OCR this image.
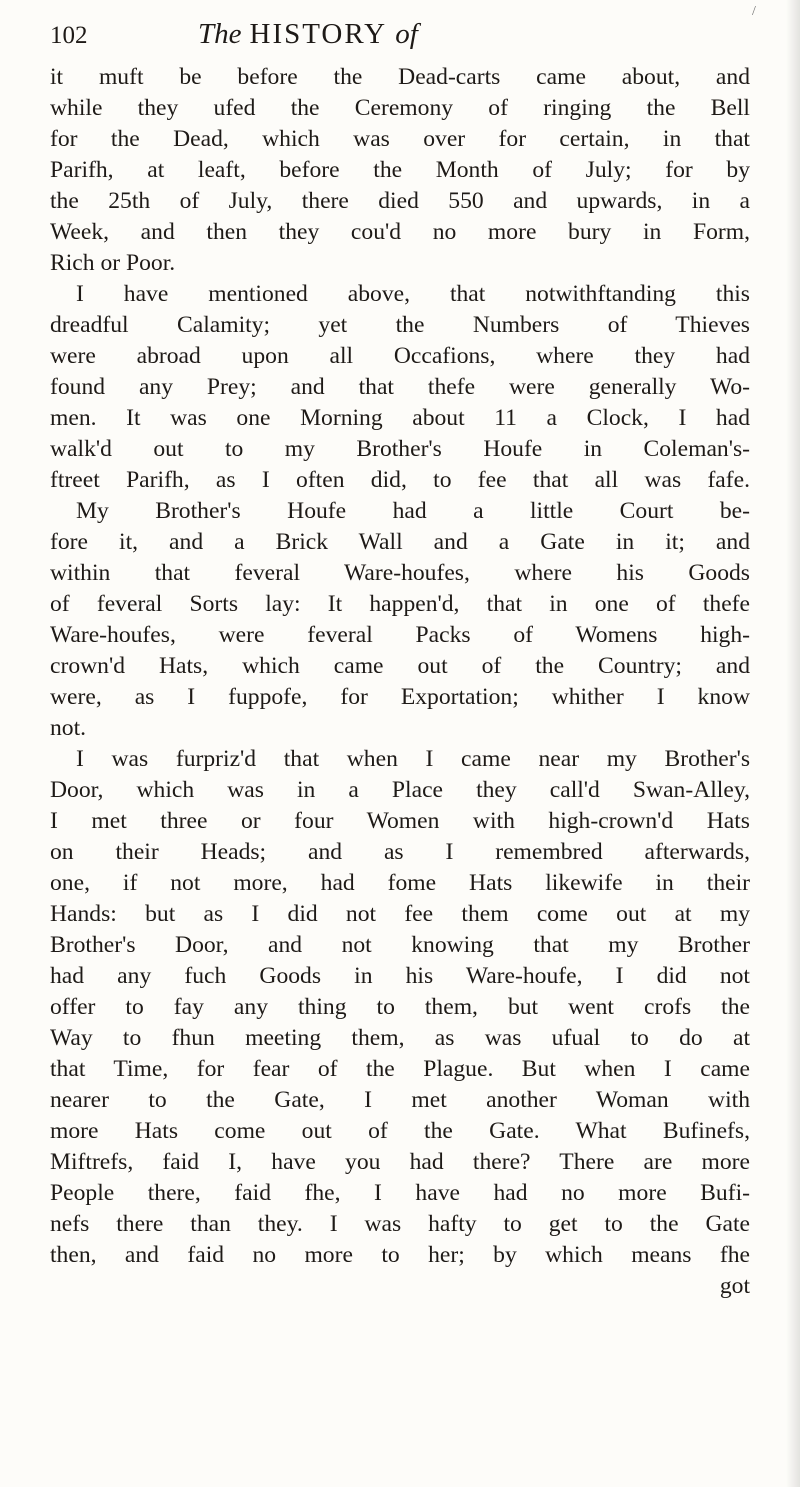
/
102	The HISTORY of
it muft be before the Dead-carts came about, and
while they ufed the Ceremony of ringing the Bell
for the Dead, which was over for certain, in that
Parifh, at leaft, before the Month of July; for by
the 25th of July, there died 550 and upwards, in a
Week, and then they cou'd no more bury in Form,
Rich or Poor.
I have mentioned above, that notwithftanding this
dreadful Calamity; yet the Numbers of Thieves
were abroad upon all Occafions, where they had
found any Prey; and that thefe were generally Wo-
men. It was one Morning about 11 a Clock, I had
walk'd out to my Brother's Houfe in Coleman's-
ftreet Parifh, as I often did, to fee that all was fafe.
My Brother's Houfe had a little Court be-
fore it, and a Brick Wall and a Gate in it; and
within that feveral Ware-houfes, where his Goods
of feveral Sorts lay: It happen'd, that in one of thefe
Ware-houfes, were feveral Packs of Womens high-
crown'd Hats, which came out of the Country; and
were, as I fuppofe, for Exportation; whither I know
not.
I was furpriz'd that when I came near my Brother's
Door, which was in a Place they call'd Swan-Alley,
I met three or four Women with high-crown'd Hats
on their Heads; and as I remembred afterwards,
one, if not more, had fome Hats likewife in their
Hands: but as I did not fee them come out at my
Brother's Door, and not knowing that my Brother
had any fuch Goods in his Ware-houfe, I did not
offer to fay any thing to them, but went crofs the
Way to fhun meeting them, as was ufual to do at
that Time, for fear of the Plague. But when I came
nearer to the Gate, I met another Woman with
more Hats come out of the Gate. What Bufinefs,
Miftrefs, faid I, have you had there? There are more
People there, faid fhe, I have had no more Bufi-
nefs there than they. I was hafty to get to the Gate
then, and faid no more to her; by which means fhe
got
